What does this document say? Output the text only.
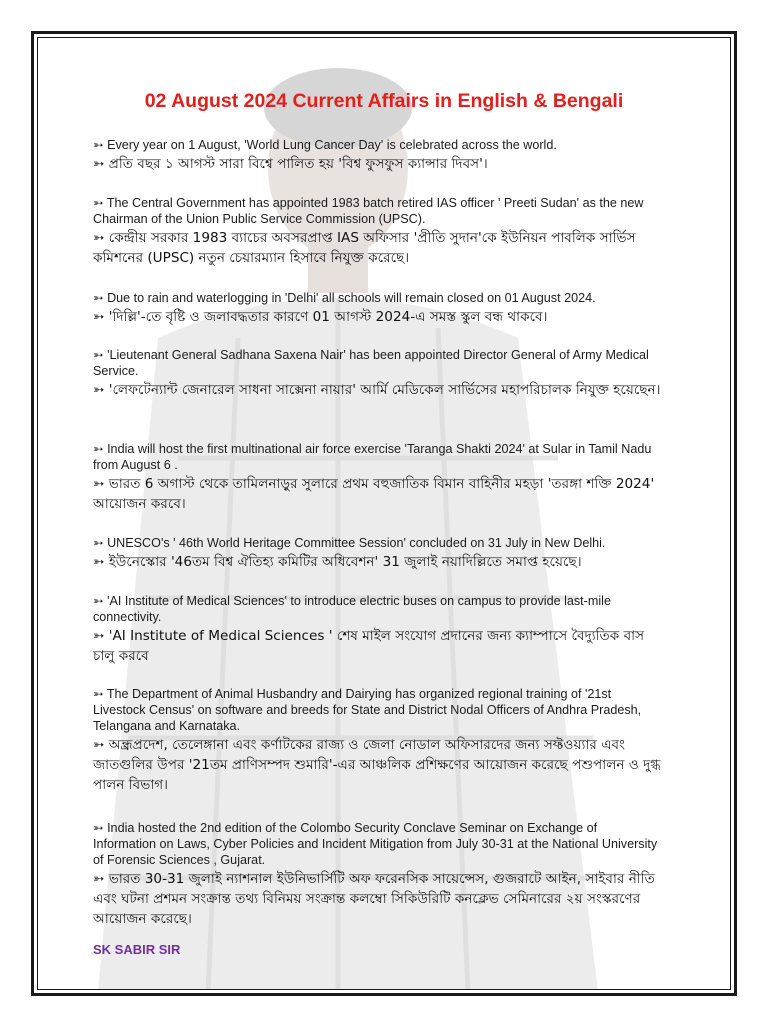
02 August 2024 Current Affairs in English & Bengali

➳ Every year on 1 August, 'World Lung Cancer Day' is celebrated across the world.

➳ প্রতি বছর ১ আগস্ট সারা বিশ্বে পালিত হয় 'বিশ্ব ফুসফুস ক্যান্সার দিবস'।

➳ The Central Government has appointed 1983 batch retired IAS officer ' Preeti Sudan' as the new Chairman of the Union Public Service Commission (UPSC).

➳ কেন্দ্রীয় সরকার 1983 ব্যাচের অবসরপ্রাপ্ত IAS অফিসার 'প্রীতি সুদান'কে ইউনিয়ন পাবলিক সার্ভিস কমিশনের (UPSC) নতুন চেয়ারম্যান হিসাবে নিযুক্ত করেছে।

➳ Due to rain and waterlogging in 'Delhi' all schools will remain closed on 01 August 2024.

➳ 'দিল্লি'-তে বৃষ্টি ও জলাবদ্ধতার কারণে 01 আগস্ট 2024-এ সমস্ত স্কুল বন্ধ থাকবে।

➳ 'Lieutenant General Sadhana Saxena Nair' has been appointed Director General of Army Medical Service.

➳ 'লেফটেন্যান্ট জেনারেল সাধনা সাক্সেনা নায়ার' আর্মি মেডিকেল সার্ভিসের মহাপরিচালক নিযুক্ত হয়েছেন।

➳ India will host the first multinational air force exercise 'Taranga Shakti 2024' at Sular in Tamil Nadu from August 6 .

➳ ভারত 6 অগাস্ট থেকে তামিলনাড়ুর সুলারে প্রথম বহুজাতিক বিমান বাহিনীর মহড়া 'তরঙ্গা শক্তি 2024' আয়োজন করবে।

➳ UNESCO's ' 46th World Heritage Committee Session' concluded on 31 July in New Delhi.

➳ ইউনেস্কোর '46তম বিশ্ব ঐতিহ্য কমিটির অধিবেশন' 31 জুলাই নয়াদিল্লিতে সমাপ্ত হয়েছে।

➳ 'AI Institute of Medical Sciences' to introduce electric buses on campus to provide last-mile connectivity.

➳ 'AI Institute of Medical Sciences ' শেষ মাইল সংযোগ প্রদানের জন্য ক্যাম্পাসে বৈদ্যুতিক বাস চালু করবে

➳ The Department of Animal Husbandry and Dairying has organized regional training of '21st Livestock Census' on software and breeds for State and District Nodal Officers of Andhra Pradesh, Telangana and Karnataka.

➳ অন্ধ্রপ্রদেশ, তেলেঙ্গানা এবং কর্ণাটকের রাজ্য ও জেলা নোডাল অফিসারদের জন্য সফ্টওয়্যার এবং জাতগুলির উপর '21তম প্রাণিসম্পদ শুমারি'-এর আঞ্চলিক প্রশিক্ষণের আয়োজন করেছে পশুপালন ও দুগ্ধ পালন বিভাগ।

➳ India hosted the 2nd edition of the Colombo Security Conclave Seminar on Exchange of Information on Laws, Cyber Policies and Incident Mitigation from July 30-31 at the National University of Forensic Sciences , Gujarat.

➳ ভারত 30-31 জুলাই ন্যাশনাল ইউনিভার্সিটি অফ ফরেনসিক সায়েন্সেস, গুজরাটে আইন, সাইবার নীতি এবং ঘটনা প্রশমন সংক্রান্ত তথ্য বিনিময় সংক্রান্ত কলম্বো সিকিউরিটি কনক্লেভ সেমিনারের ২য় সংস্করণের আয়োজন করেছে।

SK SABIR SIR
